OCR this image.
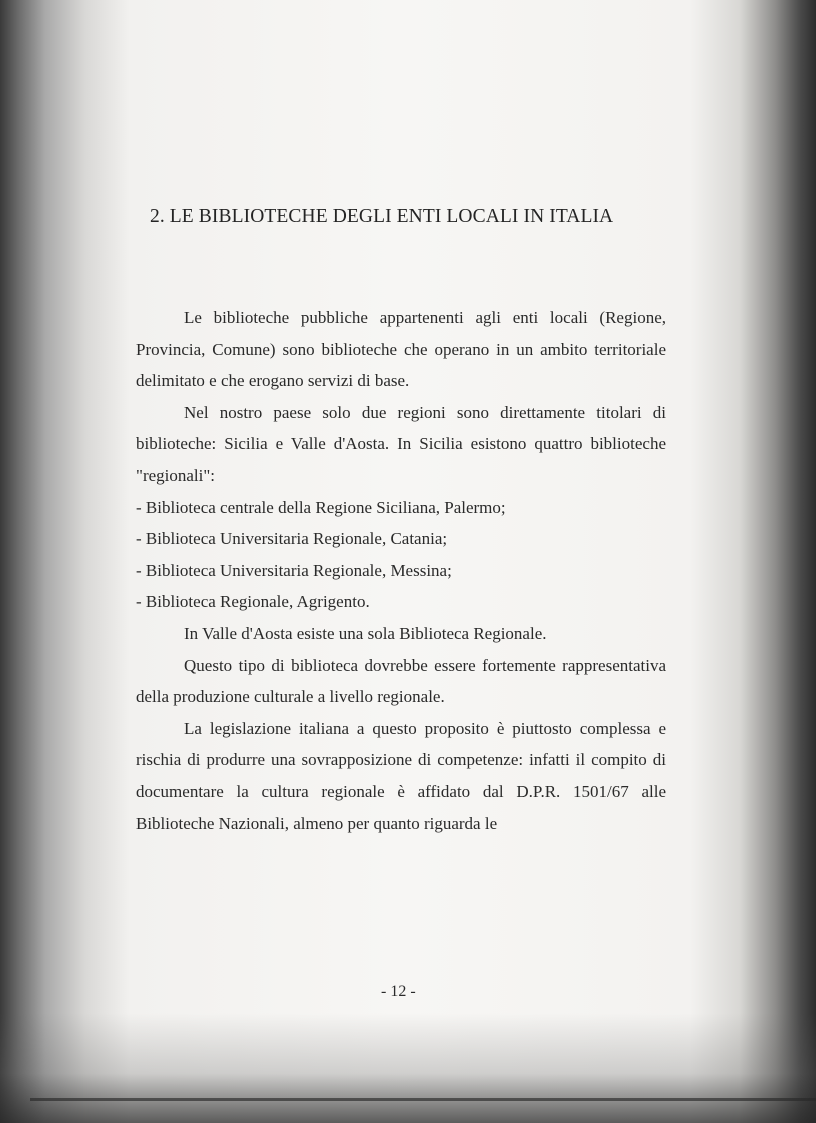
2. LE BIBLIOTECHE DEGLI ENTI LOCALI IN ITALIA

Le biblioteche pubbliche appartenenti agli enti locali (Regione, Provincia, Comune) sono biblioteche che operano in un ambito territoriale delimitato e che erogano servizi di base.

Nel nostro paese solo due regioni sono direttamente titolari di biblioteche: Sicilia e Valle d'Aosta. In Sicilia esistono quattro biblioteche "regionali":

- Biblioteca centrale della Regione Siciliana, Palermo;
- Biblioteca Universitaria Regionale, Catania;
- Biblioteca Universitaria Regionale, Messina;
- Biblioteca Regionale, Agrigento.

In Valle d'Aosta esiste una sola Biblioteca Regionale.

Questo tipo di biblioteca dovrebbe essere fortemente rappresentativa della produzione culturale a livello regionale.

La legislazione italiana a questo proposito è piuttosto complessa e rischia di produrre una sovrapposizione di competenze: infatti il compito di documentare la cultura regionale è affidato dal D.P.R. 1501/67 alle Biblioteche Nazionali, almeno per quanto riguarda le

- 12 -
